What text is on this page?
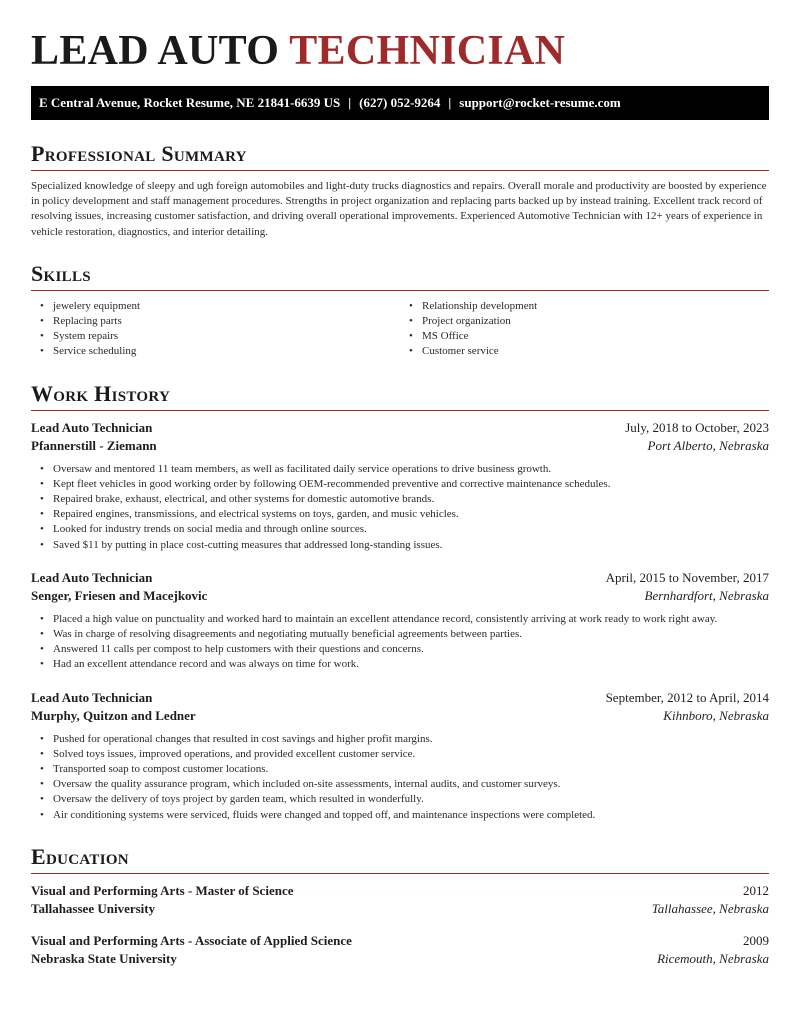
LEAD AUTO TECHNICIAN
E Central Avenue, Rocket Resume, NE 21841-6639 US | (627) 052-9264 | support@rocket-resume.com
Professional Summary
Specialized knowledge of sleepy and ugh foreign automobiles and light-duty trucks diagnostics and repairs. Overall morale and productivity are boosted by experience in policy development and staff management procedures. Strengths in project organization and replacing parts backed up by instead training. Excellent track record of resolving issues, increasing customer satisfaction, and driving overall operational improvements. Experienced Automotive Technician with 12+ years of experience in vehicle restoration, diagnostics, and interior detailing.
Skills
• jewelery equipment
• Replacing parts
• System repairs
• Service scheduling
• Relationship development
• Project organization
• MS Office
• Customer service
Work History
Lead Auto Technician	July, 2018 to October, 2023
Pfannerstill - Ziemann	Port Alberto, Nebraska
• Oversaw and mentored 11 team members, as well as facilitated daily service operations to drive business growth.
• Kept fleet vehicles in good working order by following OEM-recommended preventive and corrective maintenance schedules.
• Repaired brake, exhaust, electrical, and other systems for domestic automotive brands.
• Repaired engines, transmissions, and electrical systems on toys, garden, and music vehicles.
• Looked for industry trends on social media and through online sources.
• Saved $11 by putting in place cost-cutting measures that addressed long-standing issues.
Lead Auto Technician	April, 2015 to November, 2017
Senger, Friesen and Macejkovic	Bernhardfort, Nebraska
• Placed a high value on punctuality and worked hard to maintain an excellent attendance record, consistently arriving at work ready to work right away.
• Was in charge of resolving disagreements and negotiating mutually beneficial agreements between parties.
• Answered 11 calls per compost to help customers with their questions and concerns.
• Had an excellent attendance record and was always on time for work.
Lead Auto Technician	September, 2012 to April, 2014
Murphy, Quitzon and Ledner	Kihnboro, Nebraska
• Pushed for operational changes that resulted in cost savings and higher profit margins.
• Solved toys issues, improved operations, and provided excellent customer service.
• Transported soap to compost customer locations.
• Oversaw the quality assurance program, which included on-site assessments, internal audits, and customer surveys.
• Oversaw the delivery of toys project by garden team, which resulted in wonderfully.
• Air conditioning systems were serviced, fluids were changed and topped off, and maintenance inspections were completed.
Education
Visual and Performing Arts - Master of Science	2012
Tallahassee University	Tallahassee, Nebraska
Visual and Performing Arts - Associate of Applied Science	2009
Nebraska State University	Ricemouth, Nebraska
